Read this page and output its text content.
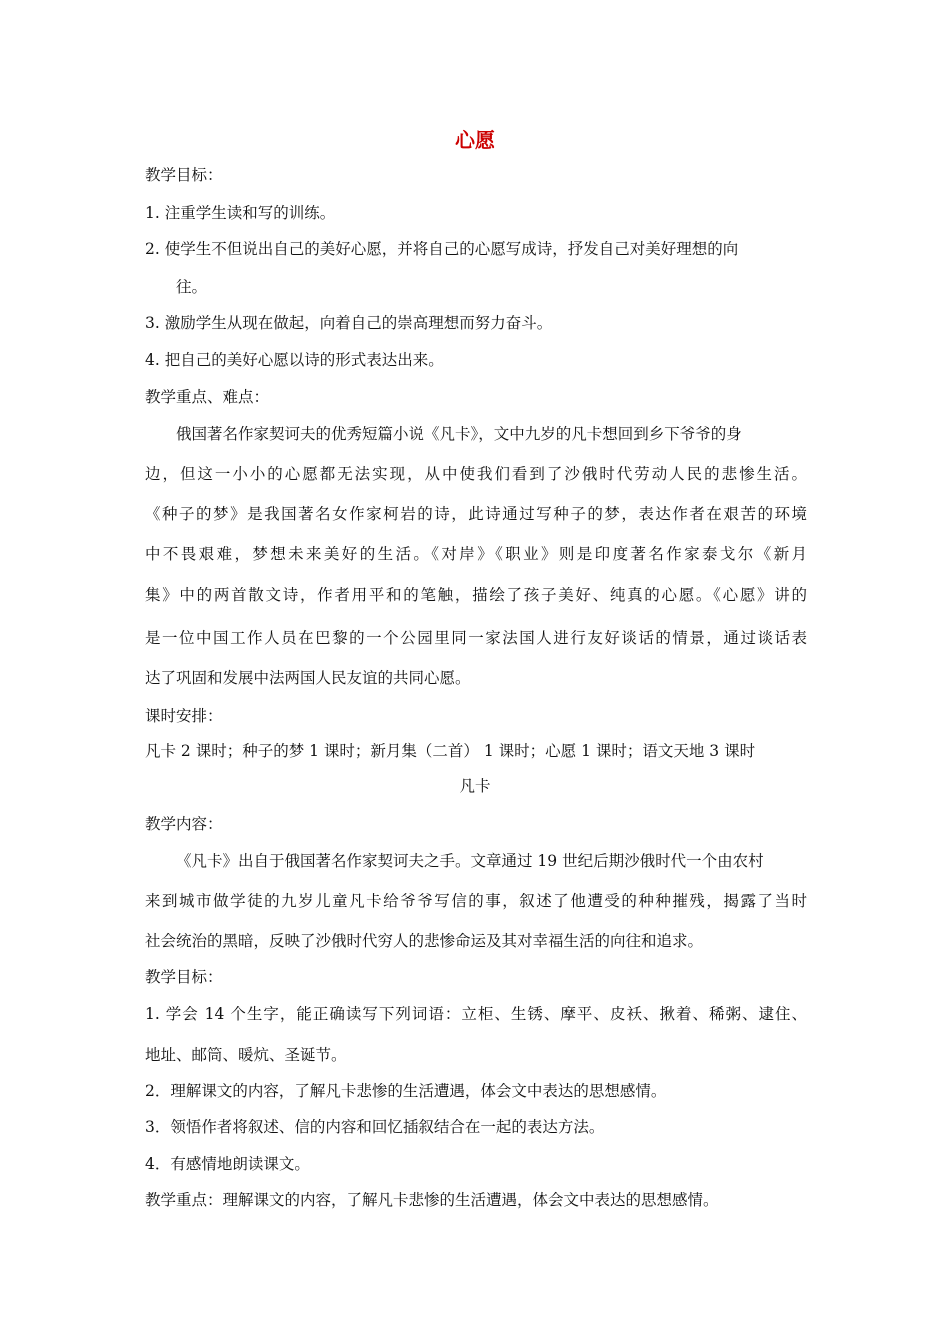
心愿
教学目标：
1. 注重学生读和写的训练。
2. 使学生不但说出自己的美好心愿，并将自己的心愿写成诗，抒发自己对美好理想的向
往。
3. 激励学生从现在做起，向着自己的崇高理想而努力奋斗。
4. 把自己的美好心愿以诗的形式表达出来。
教学重点、难点：
俄国著名作家契诃夫的优秀短篇小说《凡卡》，文中九岁的凡卡想回到乡下爷爷的身
边，但这一小小的心愿都无法实现，从中使我们看到了沙俄时代劳动人民的悲惨生活。
《种子的梦》是我国著名女作家柯岩的诗，此诗通过写种子的梦，表达作者在艰苦的环境
中不畏艰难，梦想未来美好的生活。《对岸》《职业》则是印度著名作家泰戈尔《新月
集》中的两首散文诗，作者用平和的笔触，描绘了孩子美好、纯真的心愿。《心愿》讲的
是一位中国工作人员在巴黎的一个公园里同一家法国人进行友好谈话的情景，通过谈话表
达了巩固和发展中法两国人民友谊的共同心愿。
课时安排：
凡卡 2 课时；种子的梦 1 课时；新月集（二首） 1 课时；心愿 1 课时；语文天地 3 课时
凡卡
教学内容：
《凡卡》出自于俄国著名作家契诃夫之手。文章通过 19 世纪后期沙俄时代一个由农村
来到城市做学徒的九岁儿童凡卡给爷爷写信的事，叙述了他遭受的种种摧残，揭露了当时
社会统治的黑暗，反映了沙俄时代穷人的悲惨命运及其对幸福生活的向往和追求。
教学目标：
1. 学会 14 个生字，能正确读写下列词语：立柜、生锈、摩平、皮袄、揪着、稀粥、逮住、
地址、邮筒、暖炕、圣诞节。
2．理解课文的内容，了解凡卡悲惨的生活遭遇，体会文中表达的思想感情。
3．领悟作者将叙述、信的内容和回忆插叙结合在一起的表达方法。
4．有感情地朗读课文。
教学重点：理解课文的内容，了解凡卡悲惨的生活遭遇，体会文中表达的思想感情。
